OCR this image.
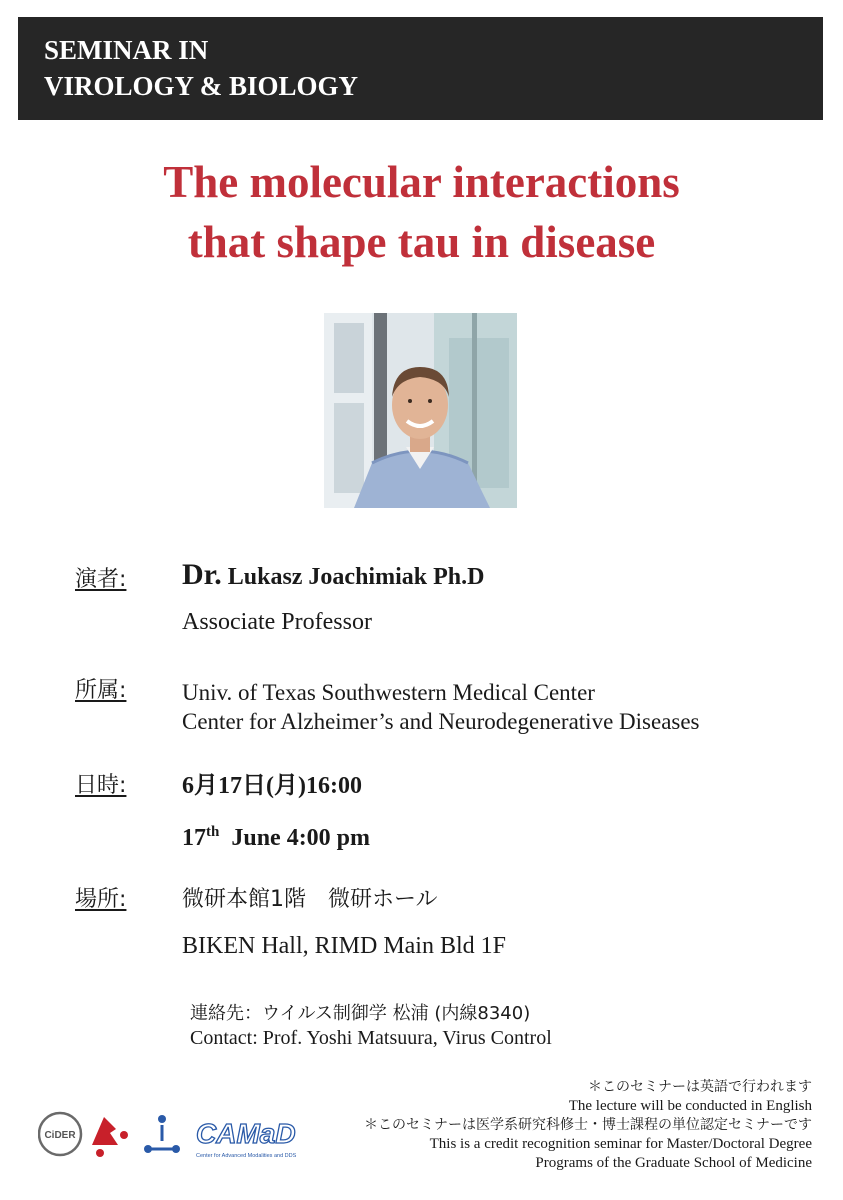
SEMINAR IN
VIROLOGY & BIOLOGY
The molecular interactions
that shape tau in disease
演者: Dr. Lukasz Joachimiak Ph.D
Associate Professor
所属: Univ. of Texas Southwestern Medical Center
Center for Alzheimer’s and Neurodegenerative Diseases
日時: 6月17日(月)16:00
17th June 4:00 pm
場所:	微研本館1階　微研ホール
BIKEN Hall, RIMD Main Bld 1F
連絡先：ウイルス制御学 松浦 (内線8340)
Contact: Prof. Yoshi Matsuura, Virus Control
＊このセミナーは英語で行われます
The lecture will be conducted in English
＊このセミナーは医学系研究科修士・博士課程の単位認定セミナーです
This is a credit recognition seminar for Master/Doctoral Degree
Programs of the Graduate School of Medicine
CiDER	CAMaD
Center for Advanced Modalities and DDS
